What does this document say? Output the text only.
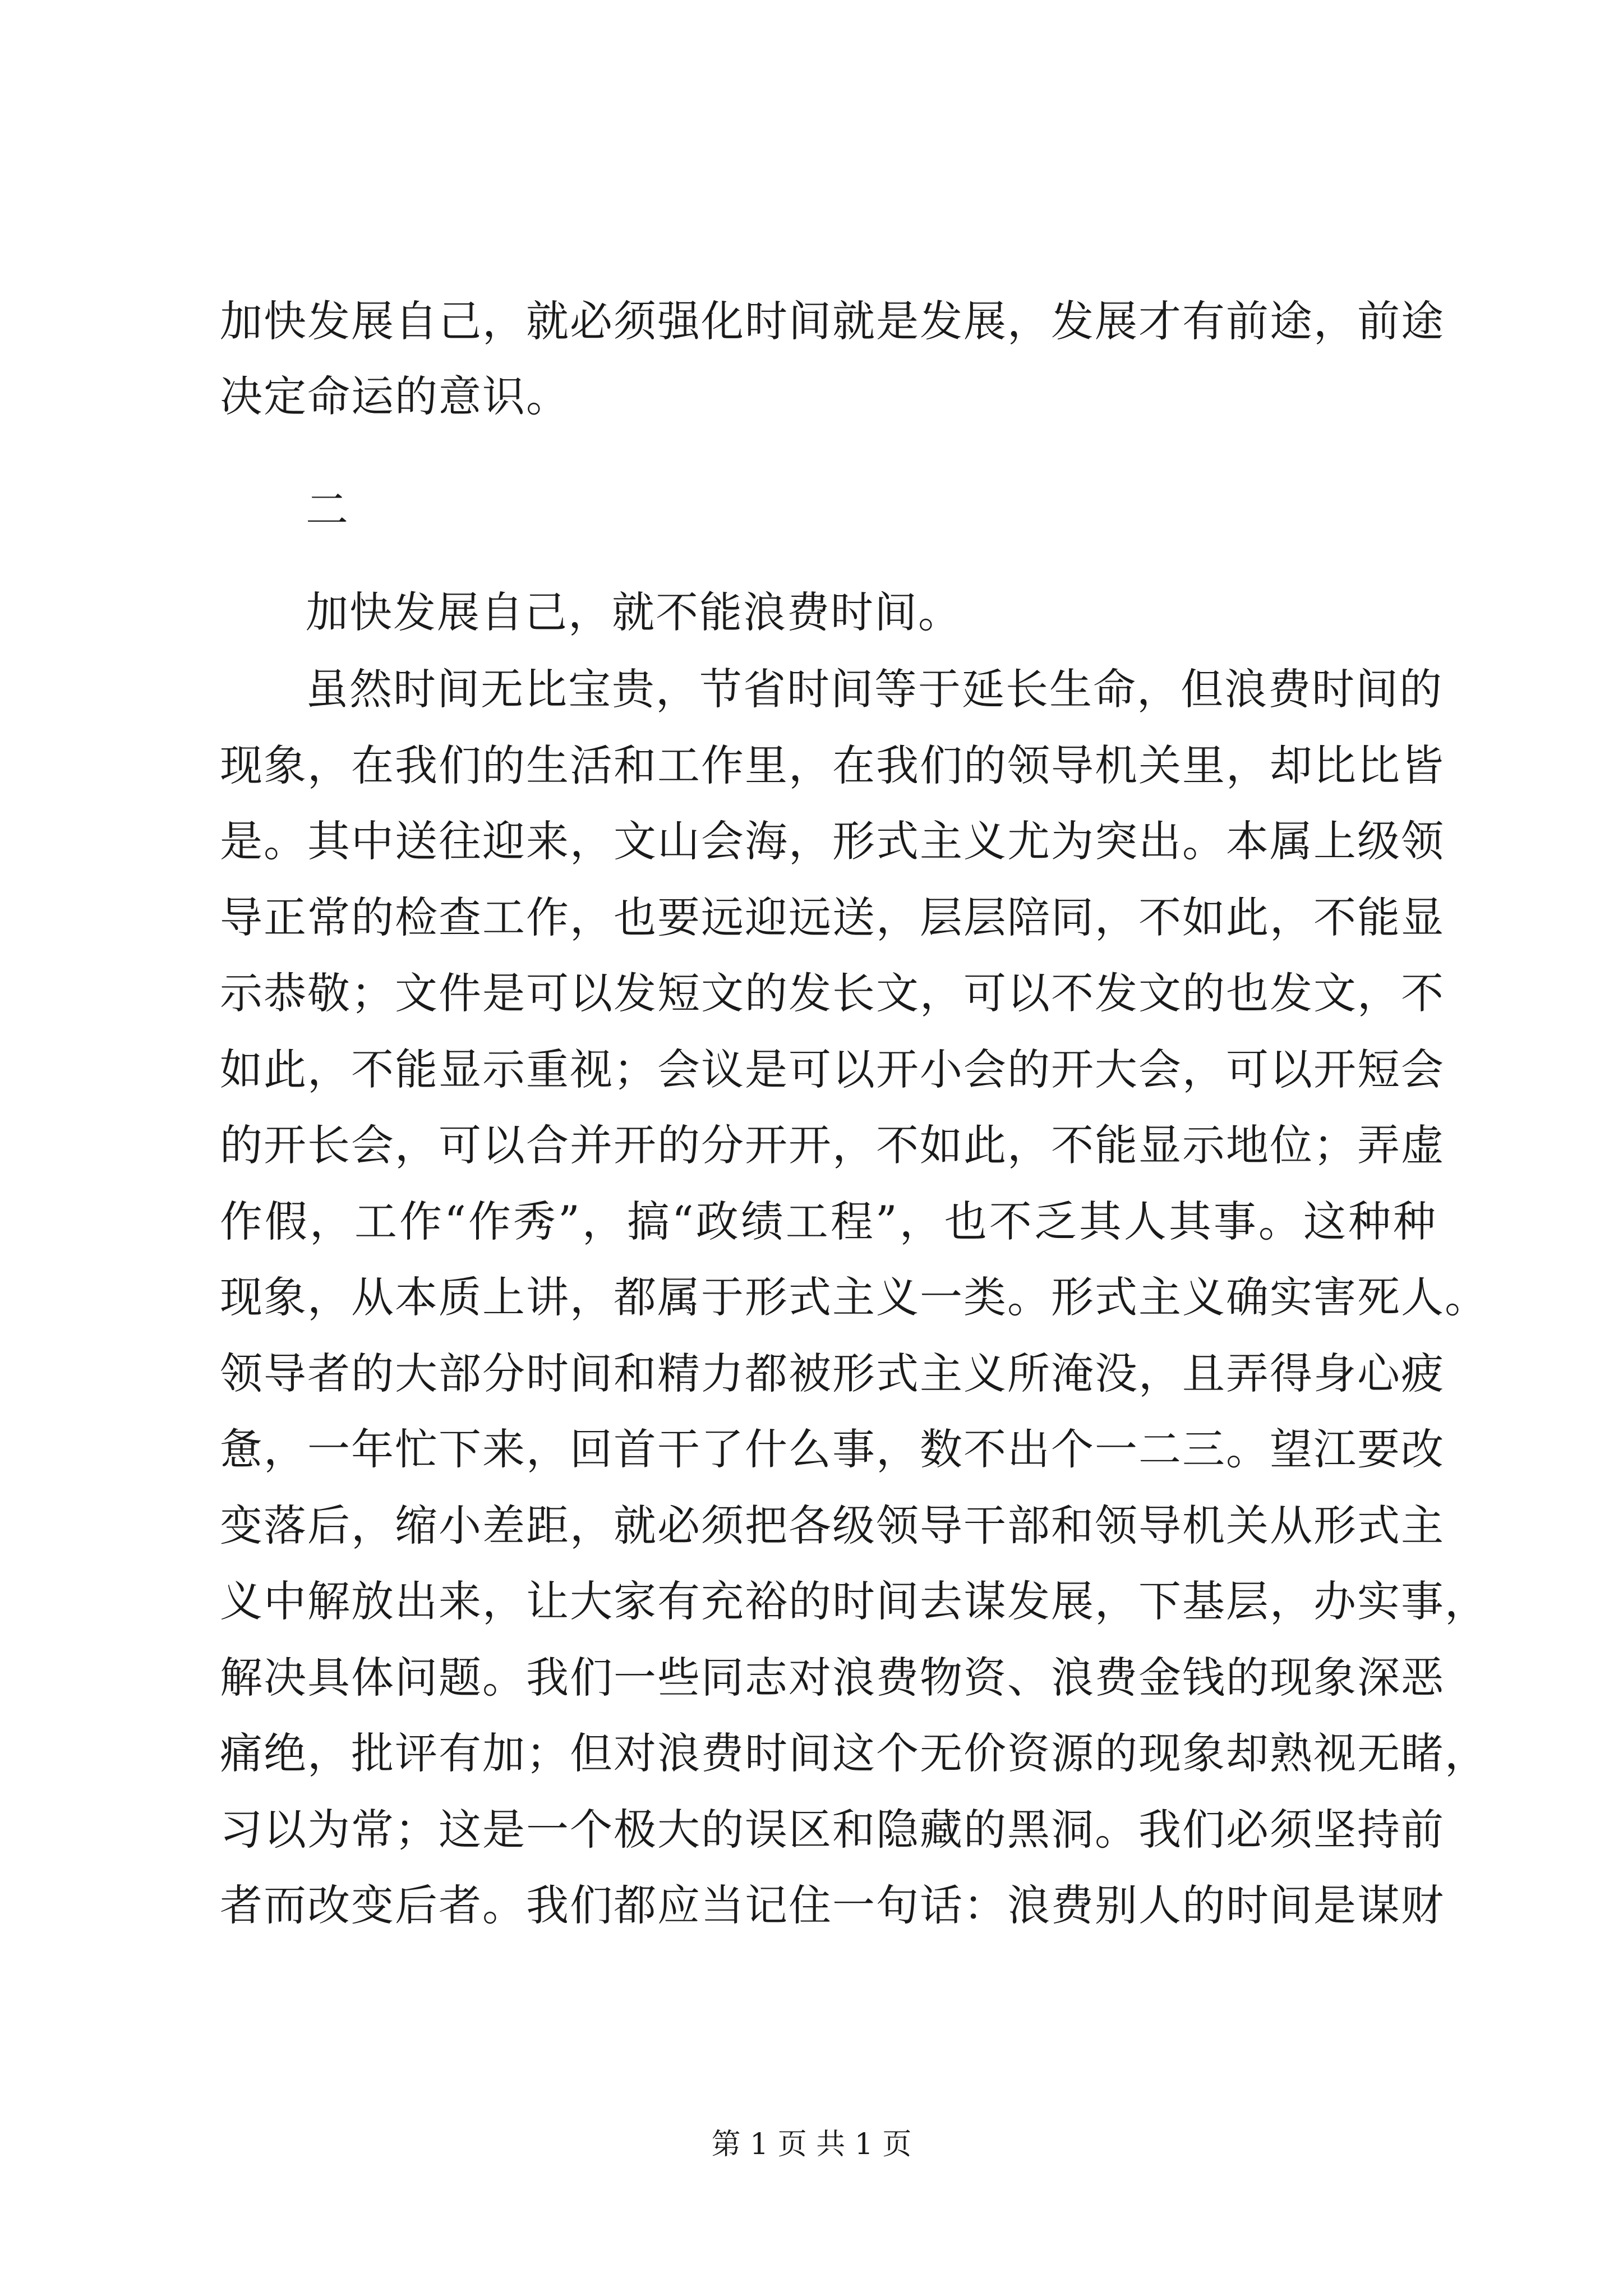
加快发展自己，就必须强化时间就是发展，发展才有前途，前途
决定命运的意识。
二
加快发展自己，就不能浪费时间。
虽然时间无比宝贵，节省时间等于延长生命，但浪费时间的
现象，在我们的生活和工作里，在我们的领导机关里，却比比皆
是。其中送往迎来，文山会海，形式主义尤为突出。本属上级领
导正常的检查工作，也要远迎远送，层层陪同，不如此，不能显
示恭敬；文件是可以发短文的发长文，可以不发文的也发文，不
如此，不能显示重视；会议是可以开小会的开大会，可以开短会
的开长会，可以合并开的分开开，不如此，不能显示地位；弄虚
作假，工作“作秀”，搞“政绩工程”，也不乏其人其事。这种种
现象，从本质上讲，都属于形式主义一类。形式主义确实害死人。
领导者的大部分时间和精力都被形式主义所淹没，且弄得身心疲
惫，一年忙下来，回首干了什么事，数不出个一二三。望江要改
变落后，缩小差距，就必须把各级领导干部和领导机关从形式主
义中解放出来，让大家有充裕的时间去谋发展，下基层，办实事，
解决具体问题。我们一些同志对浪费物资、浪费金钱的现象深恶
痛绝，批评有加；但对浪费时间这个无价资源的现象却熟视无睹，
习以为常；这是一个极大的误区和隐藏的黑洞。我们必须坚持前
者而改变后者。我们都应当记住一句话：浪费别人的时间是谋财
第 1 页 共 1 页
